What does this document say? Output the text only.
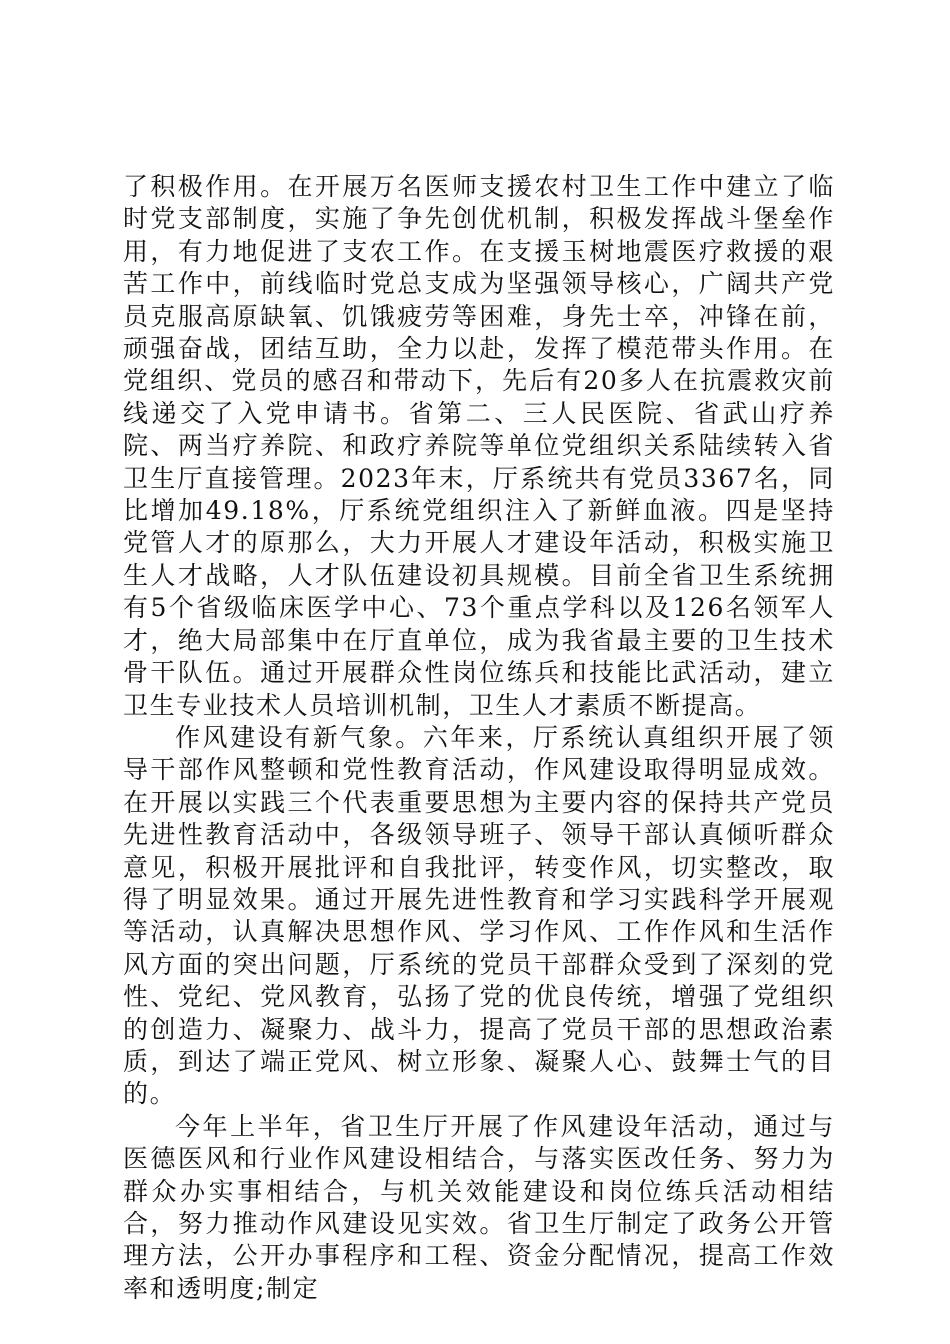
了积极作用。在开展万名医师支援农村卫生工作中建立了临时党支部制度，实施了争先创优机制，积极发挥战斗堡垒作用，有力地促进了支农工作。在支援玉树地震医疗救援的艰苦工作中，前线临时党总支成为坚强领导核心，广阔共产党员克服高原缺氧、饥饿疲劳等困难，身先士卒，冲锋在前，顽强奋战，团结互助，全力以赴，发挥了模范带头作用。在党组织、党员的感召和带动下，先后有20多人在抗震救灾前线递交了入党申请书。省第二、三人民医院、省武山疗养院、两当疗养院、和政疗养院等单位党组织关系陆续转入省卫生厅直接管理。2023年末，厅系统共有党员3367名，同比增加49.18%，厅系统党组织注入了新鲜血液。四是坚持党管人才的原那么，大力开展人才建设年活动，积极实施卫生人才战略，人才队伍建设初具规模。目前全省卫生系统拥有5个省级临床医学中心、73个重点学科以及126名领军人才，绝大局部集中在厅直单位，成为我省最主要的卫生技术骨干队伍。通过开展群众性岗位练兵和技能比武活动，建立卫生专业技术人员培训机制，卫生人才素质不断提高。

作风建设有新气象。六年来，厅系统认真组织开展了领导干部作风整顿和党性教育活动，作风建设取得明显成效。在开展以实践三个代表重要思想为主要内容的保持共产党员先进性教育活动中，各级领导班子、领导干部认真倾听群众意见，积极开展批评和自我批评，转变作风，切实整改，取得了明显效果。通过开展先进性教育和学习实践科学开展观等活动，认真解决思想作风、学习作风、工作作风和生活作风方面的突出问题，厅系统的党员干部群众受到了深刻的党性、党纪、党风教育，弘扬了党的优良传统，增强了党组织的创造力、凝聚力、战斗力，提高了党员干部的思想政治素质，到达了端正党风、树立形象、凝聚人心、鼓舞士气的目的。

今年上半年，省卫生厅开展了作风建设年活动，通过与医德医风和行业作风建设相结合，与落实医改任务、努力为群众办实事相结合，与机关效能建设和岗位练兵活动相结合，努力推动作风建设见实效。省卫生厅制定了政务公开管理方法，公开办事程序和工程、资金分配情况，提高工作效率和透明度;制定
